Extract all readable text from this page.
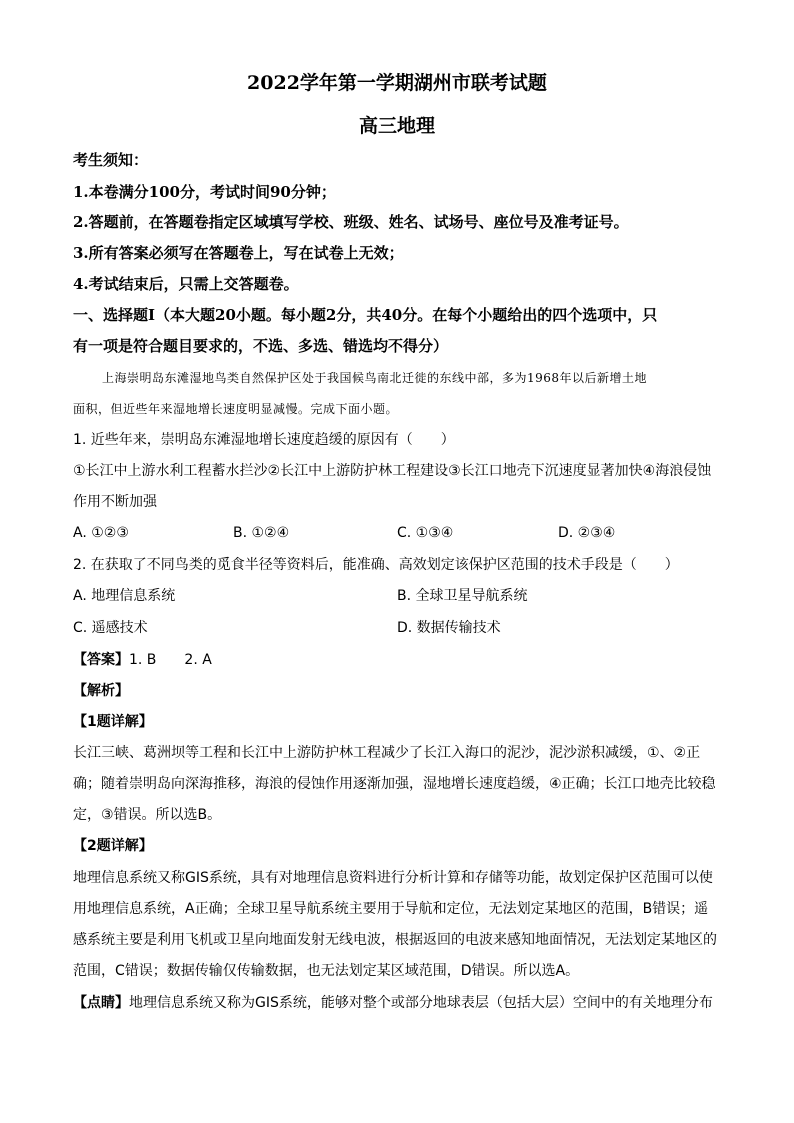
2022学年第一学期湖州市联考试题
高三地理
考生须知：
1.本卷满分100分，考试时间90分钟；
2.答题前，在答题卷指定区域填写学校、班级、姓名、试场号、座位号及准考证号。
3.所有答案必须写在答题卷上，写在试卷上无效；
4.考试结束后，只需上交答题卷。
一、选择题Ⅰ（本大题20小题。每小题2分，共40分。在每个小题给出的四个选项中，只
有一项是符合题目要求的，不选、多选、错选均不得分）
上海崇明岛东滩湿地鸟类自然保护区处于我国候鸟南北迁徙的东线中部，多为1968年以后新增土地
面积，但近些年来湿地增长速度明显减慢。完成下面小题。
1. 近些年来，崇明岛东滩湿地增长速度趋缓的原因有（　　）
①长江中上游水利工程蓄水拦沙②长江中上游防护林工程建设③长江口地壳下沉速度显著加快④海浪侵蚀
作用不断加强
A. ①②③	B. ①②④	C. ①③④	D. ②③④
2. 在获取了不同鸟类的觅食半径等资料后，能准确、高效划定该保护区范围的技术手段是（　　）
A. 地理信息系统	B. 全球卫星导航系统
C. 遥感技术	D. 数据传输技术
【答案】1. B　　2. A
【解析】
【1题详解】
长江三峡、葛洲坝等工程和长江中上游防护林工程减少了长江入海口的泥沙，泥沙淤积减缓，①、②正
确；随着崇明岛向深海推移，海浪的侵蚀作用逐渐加强，湿地增长速度趋缓，④正确；长江口地壳比较稳
定，③错误。所以选B。
【2题详解】
地理信息系统又称GIS系统，具有对地理信息资料进行分析计算和存储等功能，故划定保护区范围可以使
用地理信息系统，A正确；全球卫星导航系统主要用于导航和定位，无法划定某地区的范围，B错误；遥
感系统主要是利用飞机或卫星向地面发射无线电波，根据返回的电波来感知地面情况，无法划定某地区的
范围，C错误；数据传输仅传输数据，也无法划定某区域范围，D错误。所以选A。
【点睛】地理信息系统又称为GIS系统，能够对整个或部分地球表层（包括大层）空间中的有关地理分布
